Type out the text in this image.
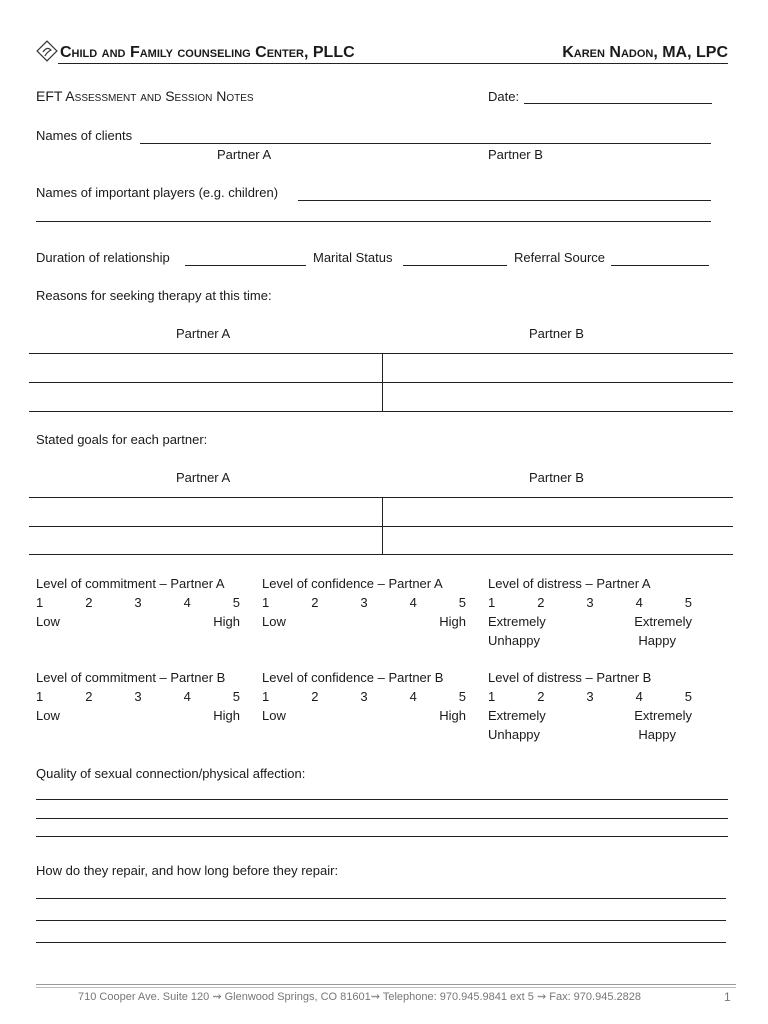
Child and Family counseling Center, PLLC	Karen Nadon, MA, LPC
EFT Assessment and Session Notes	Date:
Names of clients
Partner A	Partner B
Names of important players (e.g. children)
Duration of relationship	Marital Status	Referral Source
Reasons for seeking therapy at this time:
Partner A	Partner B
Stated goals for each partner:
Partner A	Partner B
Level of commitment – Partner A
1	2	3	4	5
Low	High
Level of confidence – Partner A
1	2	3	4	5
Low	High
Level of distress – Partner A
1	2	3	4	5
Extremely	Extremely
Unhappy	Happy
Level of commitment – Partner B
1	2	3	4	5
Low	High
Level of confidence – Partner B
1	2	3	4	5
Low	High
Level of distress – Partner B
1	2	3	4	5
Extremely	Extremely
Unhappy	Happy
Quality of sexual connection/physical affection:
How do they repair, and how long before they repair:
710 Cooper Ave. Suite 120 ⇝ Glenwood Springs, CO 81601⇝ Telephone: 970.945.9841 ext 5 ⇝ Fax: 970.945.2828	1
